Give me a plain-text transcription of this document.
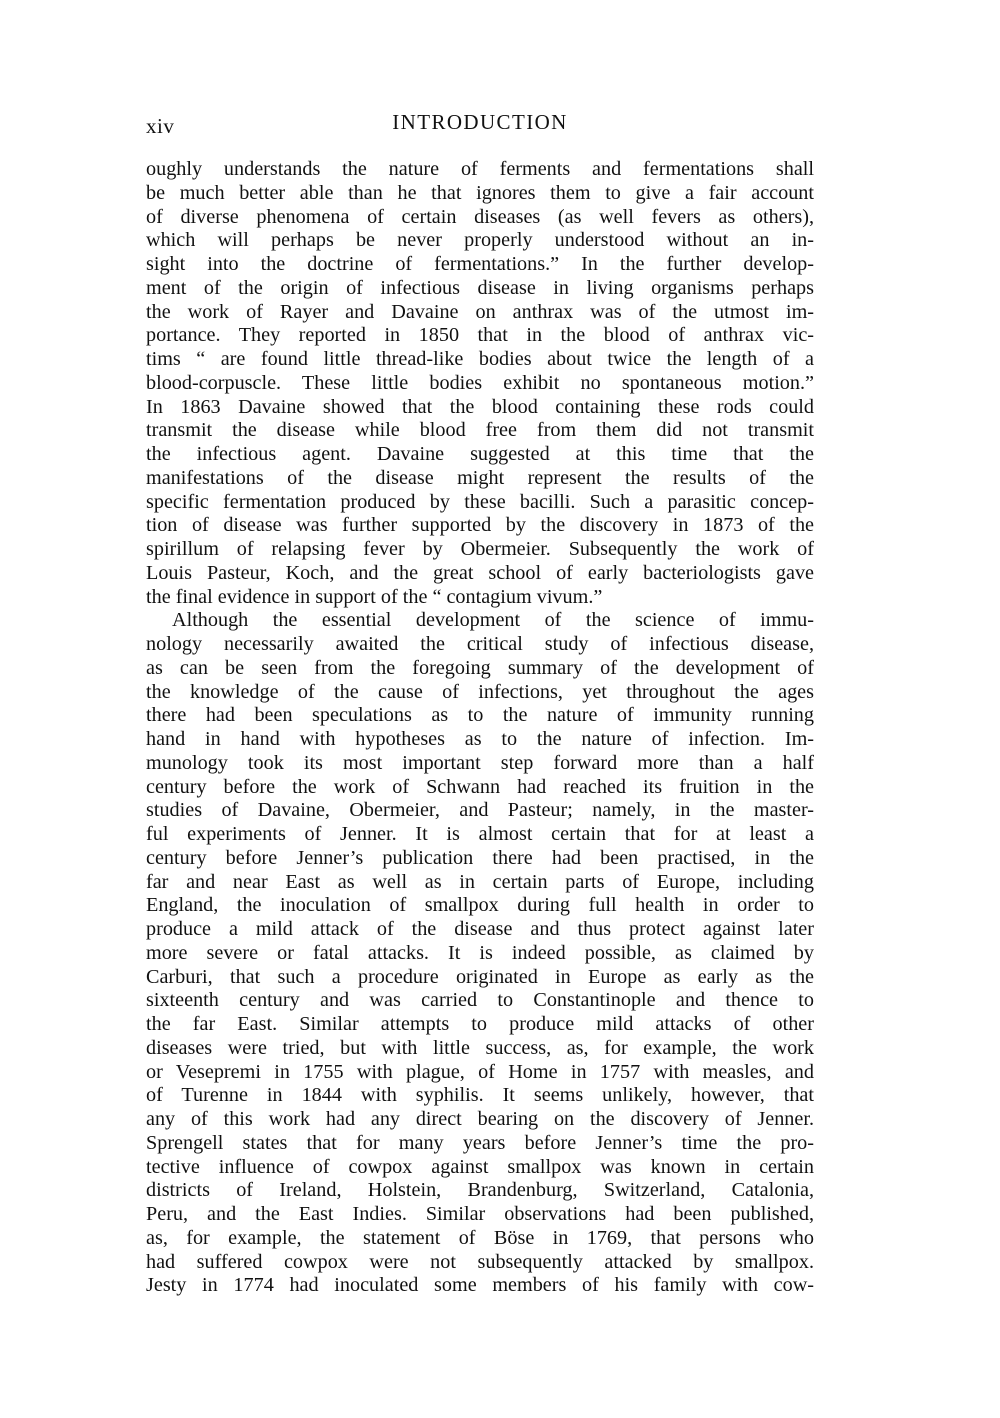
xiv	INTRODUCTION
oughly understands the nature of ferments and fermentations shall
be much better able than he that ignores them to give a fair account
of diverse phenomena of certain diseases (as well fevers as others),
which will perhaps be never properly understood without an in-
sight into the doctrine of fermentations.” In the further develop-
ment of the origin of infectious disease in living organisms perhaps
the work of Rayer and Davaine on anthrax was of the utmost im-
portance. They reported in 1850 that in the blood of anthrax vic-
tims “ are found little thread-like bodies about twice the length of a
blood-corpuscle. These little bodies exhibit no spontaneous motion.”
In 1863 Davaine showed that the blood containing these rods could
transmit the disease while blood free from them did not transmit
the infectious agent. Davaine suggested at this time that the
manifestations of the disease might represent the results of the
specific fermentation produced by these bacilli. Such a parasitic concep-
tion of disease was further supported by the discovery in 1873 of the
spirillum of relapsing fever by Obermeier. Subsequently the work of
Louis Pasteur, Koch, and the great school of early bacteriologists gave
the final evidence in support of the “ contagium vivum.”
Although the essential development of the science of immu-
nology necessarily awaited the critical study of infectious disease,
as can be seen from the foregoing summary of the development of
the knowledge of the cause of infections, yet throughout the ages
there had been speculations as to the nature of immunity running
hand in hand with hypotheses as to the nature of infection. Im-
munology took its most important step forward more than a half
century before the work of Schwann had reached its fruition in the
studies of Davaine, Obermeier, and Pasteur; namely, in the master-
ful experiments of Jenner. It is almost certain that for at least a
century before Jenner’s publication there had been practised, in the
far and near East as well as in certain parts of Europe, including
England, the inoculation of smallpox during full health in order to
produce a mild attack of the disease and thus protect against later
more severe or fatal attacks. It is indeed possible, as claimed by
Carburi, that such a procedure originated in Europe as early as the
sixteenth century and was carried to Constantinople and thence to
the far East. Similar attempts to produce mild attacks of other
diseases were tried, but with little success, as, for example, the work
or Vesepremi in 1755 with plague, of Home in 1757 with measles, and
of Turenne in 1844 with syphilis. It seems unlikely, however, that
any of this work had any direct bearing on the discovery of Jenner.
Sprengell states that for many years before Jenner’s time the pro-
tective influence of cowpox against smallpox was known in certain
districts of Ireland, Holstein, Brandenburg, Switzerland, Catalonia,
Peru, and the East Indies. Similar observations had been published,
as, for example, the statement of Böse in 1769, that persons who
had suffered cowpox were not subsequently attacked by smallpox.
Jesty in 1774 had inoculated some members of his family with cow-
